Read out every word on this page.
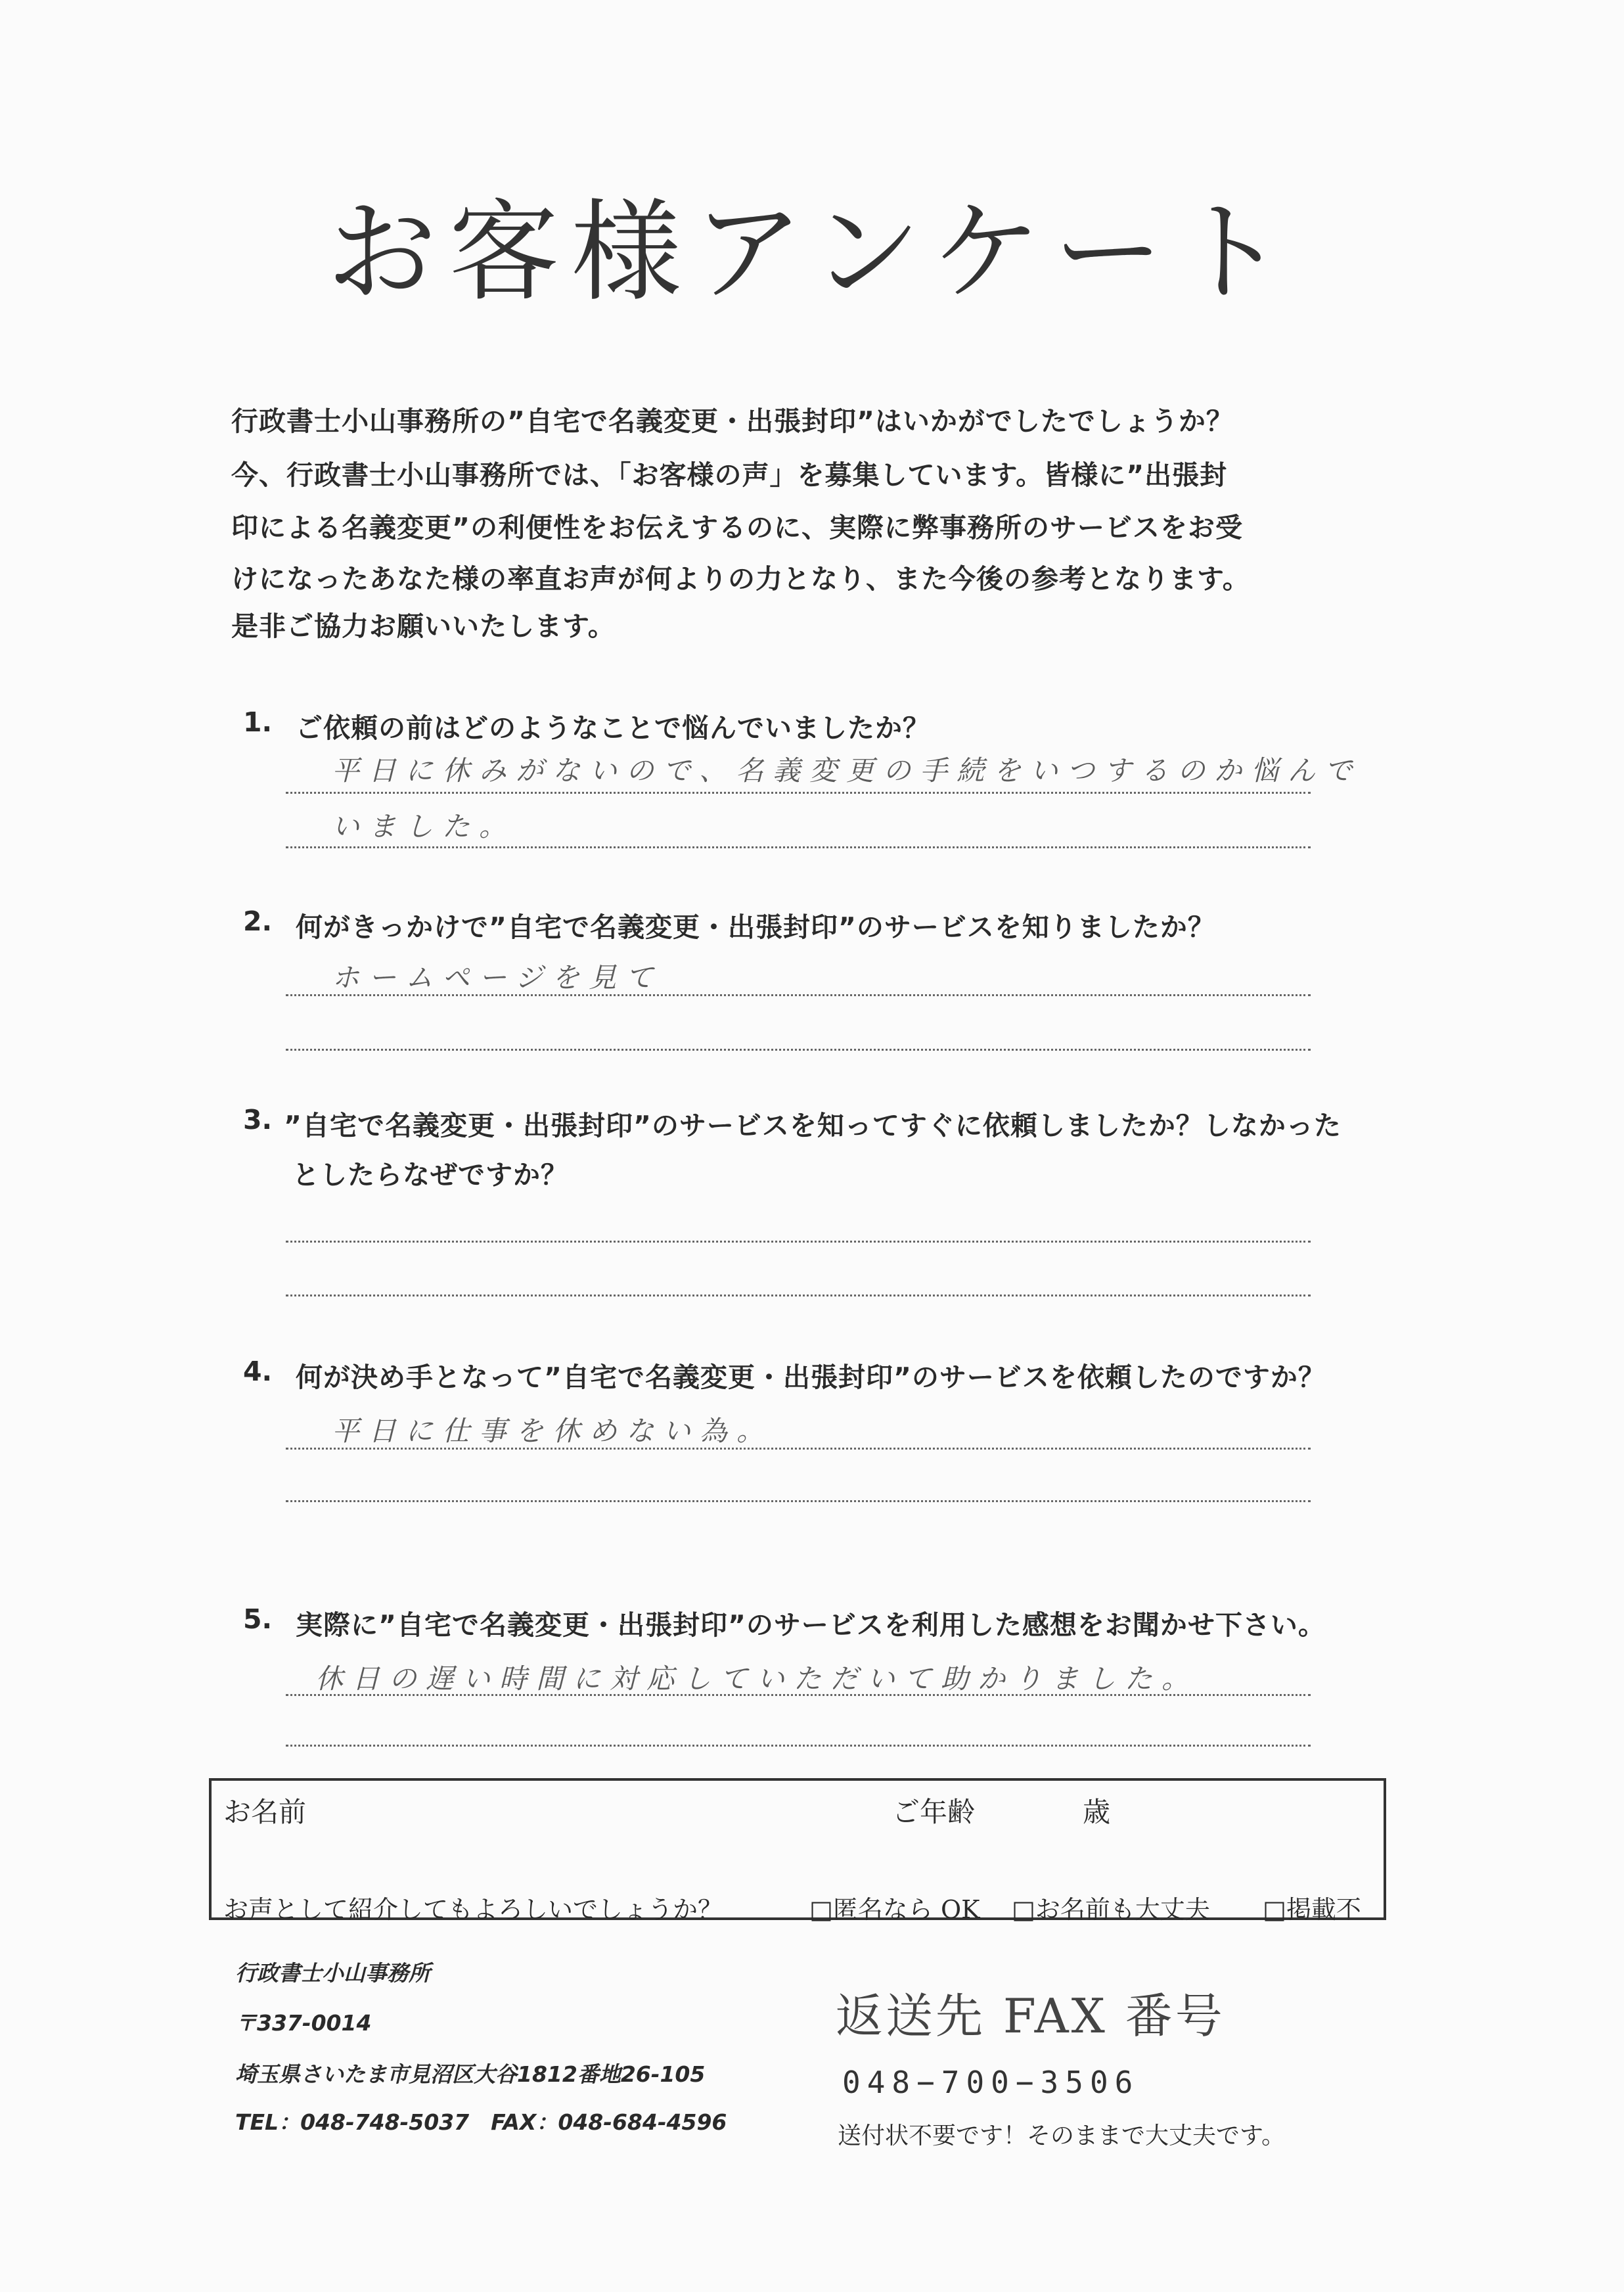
お客様アンケート
行政書士小山事務所の”自宅で名義変更・出張封印”はいかがでしたでしょうか？
今、行政書士小山事務所では、「お客様の声」を募集しています。皆様に”出張封
印による名義変更”の利便性をお伝えするのに、実際に弊事務所のサービスをお受
けになったあなた様の率直お声が何よりの力となり、また今後の参考となります。
是非ご協力お願いいたします。
1. ご依頼の前はどのようなことで悩んでいましたか？
平日に休みがないので、名義変更の手続をいつするのか悩んで
いました。
2. 何がきっかけで”自宅で名義変更・出張封印”のサービスを知りましたか？
ホームページを見て
3. ”自宅で名義変更・出張封印”のサービスを知ってすぐに依頼しましたか？しなかった
としたらなぜですか？
4. 何が決め手となって”自宅で名義変更・出張封印”のサービスを依頼したのですか？
平日に仕事を休めない為。
5. 実際に”自宅で名義変更・出張封印”のサービスを利用した感想をお聞かせ下さい。
休日の遅い時間に対応していただいて助かりました。
お名前	ご年齢	歳
お声として紹介してもよろしいでしょうか？	□匿名なら OK □お名前も大丈夫 □掲載不
行政書士小山事務所
〒337-0014
埼玉県さいたま市見沼区大谷1812番地26-105
TEL：048-748-5037　FAX：048-684-4596
返送先 FAX 番号
048−700−3506
送付状不要です！そのままで大丈夫です。
